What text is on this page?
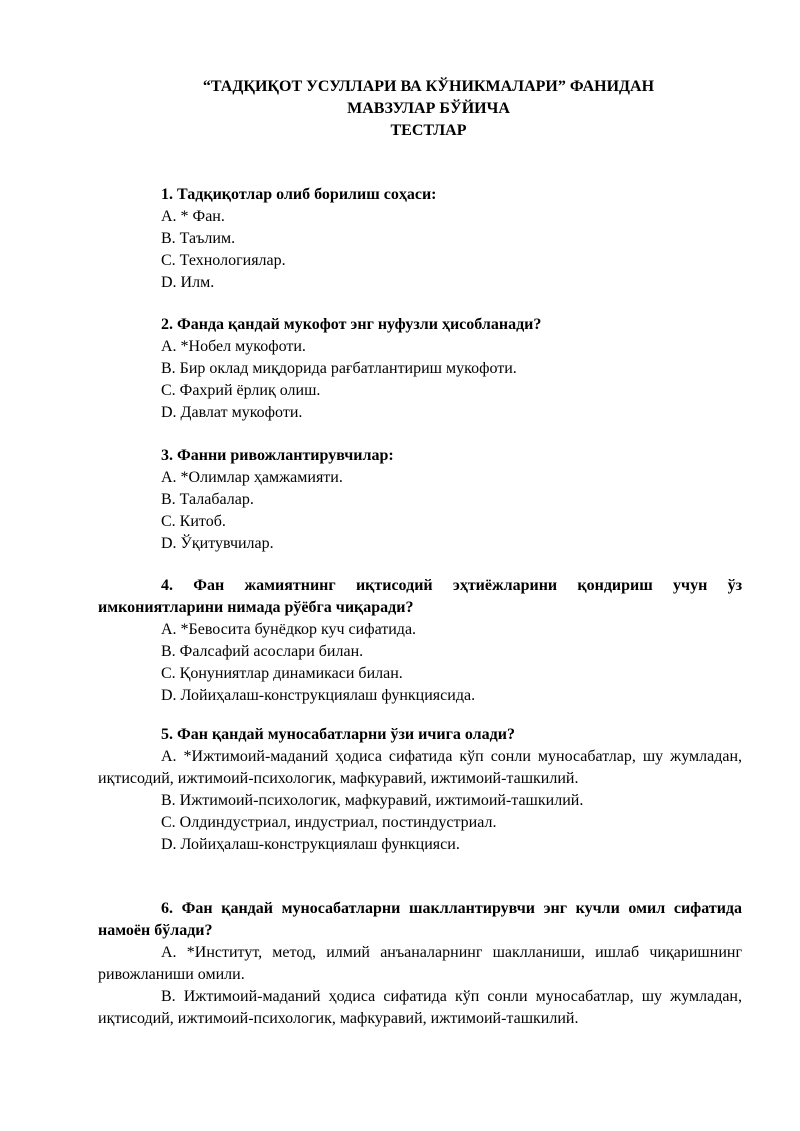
“ТАДҚИҚОТ УСУЛЛАРИ ВА КЎНИКМАЛАРИ” ФАНИДАН
МАВЗУЛАР БЎЙИЧА
ТЕСТЛАР
1. Тадқиқотлар олиб борилиш соҳаси:
A. * Фан.
B. Таълим.
C. Технологиялар.
D. Илм.
2. Фанда қандай мукофот энг нуфузли ҳисобланади?
A. *Нобел мукофоти.
B. Бир оклад миқдорида рағбатлантириш мукофоти.
C. Фахрий ёрлиқ олиш.
D. Давлат мукофоти.
3. Фанни ривожлантирувчилар:
A. *Олимлар ҳамжамияти.
B. Талабалар.
C. Китоб.
D. Ўқитувчилар.
4. Фан жамиятнинг иқтисодий эҳтиёжларини қондириш учун ўз имкониятларини нимада рўёбга чиқаради?
A. *Бевосита бунёдкор куч сифатида.
B. Фалсафий асослари билан.
C. Қонуниятлар динамикаси билан.
D. Лойиҳалаш-конструкциялаш функциясида.
5. Фан қандай муносабатларни ўзи ичига олади?
A. *Ижтимоий-маданий ҳодиса сифатида кўп сонли муносабатлар, шу жумладан, иқтисодий, ижтимоий-психологик, мафкуравий, ижтимоий-ташкилий.
B. Ижтимоий-психологик, мафкуравий, ижтимоий-ташкилий.
C. Олдиндустриал, индустриал, постиндустриал.
D. Лойиҳалаш-конструкциялаш функцияси.
6. Фан қандай муносабатларни шакллантирувчи энг кучли омил сифатида намоён бўлади?
A. *Институт, метод, илмий анъаналарнинг шаклланиши, ишлаб чиқаришнинг ривожланиши омили.
B. Ижтимоий-маданий ҳодиса сифатида кўп сонли муносабатлар, шу жумладан, иқтисодий, ижтимоий-психологик, мафкуравий, ижтимоий-ташкилий.
